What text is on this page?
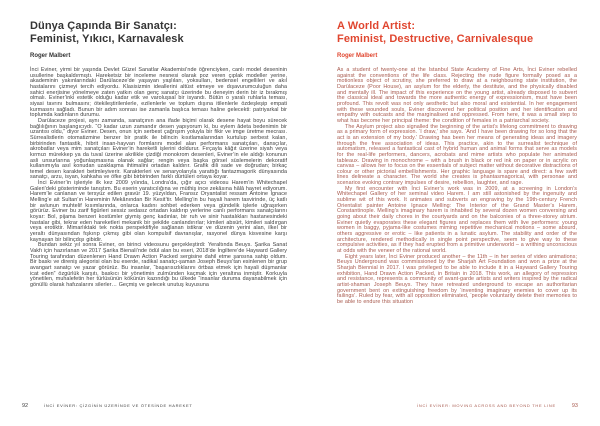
Dünya Çapında Bir Sanatçı:
Feminist, Yıkıcı, Karnavalesk

Roger Malbert

İnci Eviner, yirmi bir yaşında Devlet Güzel Sanatlar Akademisi’nde öğrenciyken, canlı model deseninin usullerine başkaldırmıştı. Hareketsiz bir inceleme nesnesi olarak poz veren çıplak modeller yerine, akademinin yakınlarındaki Darülaceze’de yaşayan yaşlıları, yoksulları, bedensel engellileri ve akıl hastalarını çizmeyi tercih ediyordu. Klasisizmin ideallerini altüst etmeye ve dışavurumculuğun daha sahici enerjisine yönelmeye zaten yatkın olan genç sanatçı üzerinde bu deneyim derin bir iz bırakmış olmalı. Eviner’inki estetik olduğu kadar etik ve varoluşsal bir isyandı. Bütün o yaralı ruhlarla teması, siyasi tavrını bulmasını; ötekileştirilenlerle, ezilenlerle ve toplum dışına itilenlerle özdeşleşip empati kurmasını sağladı. Bunun bir adım sonrası ise zamanla başlıca teması haline gelecekti: patriyarkal bir toplumda kadınların durumu.

Darülaceze projesi, aynı zamanda, sanatçının ana ifade biçimi olarak desene hayat boyu sürecek bağlılığının başlangıcıydı. “O kadar uzun zamandır desen yapıyorum ki, bu eylem âdeta bedenimin bir uzantısı oldu,” diyor Eviner. Desen, onun için serbest çağrışım yoluyla bir fikir ve imge üretme mecrası. Sürrealistlerin otomatizmine benzer bir pratik ile bilincin kısıtlamalarından kurtulup serbest kalan, birbirinden fantastik, hibrit insan-hayvan formlarını model alan performans sanatçıları, dansçılar, akrobatlar veya mim sanatçıları Eviner’in hareketli işlerini doldurur. Fırçayla kâğıt üzerine siyah veya kırmızı mürekkep ya da tuval üzerine akrilikle çizdiği monokrom desenleri, Eviner’in ele aldığı konunun asli unsurlarına yoğunlaşmasına olanak sağlar; rengin veya başka görsel süslemelerin dekoratif kullanımıyla asıl konudan uzaklaşma ihtimalini ortadan kaldırır. Grafik dili sade ve doğrudan; birkaç temel desen karakteri betimleyiverir. Karakterleri ve senaryolarıyla yarattığı fantazmagorik dünyasında sanatçı, arzu, isyan, kahkaha ve öfke gibi birbirinden farklı dürtüleri ortaya koyar.

İnci Eviner’in işleriyle ilk kez 2009 yılında, Londra’da, çığır açıcı videosu Harem’in Whitechapel Galeri’deki gösteriminde tanıştım. Bu eserin yaratıcılığına ve müthiş ince zekâsına hâlâ hayret ediyorum. Harem’le canlanan ve tersyüz edilen gravür 19. yüzyıldan, Fransız Oryantalist ressam Antoine Ignace Melling’e ait Sultan’ın Hareminin Mekânından Bir Kesit’tir. Melling’in bu hayali harem tasvirinde, üç katlı bir avlunun muhtelif kısımlarında, onlarca kadını sohbet ederken veya gündelik işlerle uğraşırken görürüz. Eviner bu zarif figürleri sessiz sedasız ortadan kaldırıp yerlerine canlı performans sanatçılarını koyar: Bol, pijama benzeri kostümler giymiş genç kadınlar, bir ruh ve sinir hastalıkları hastanesindeki hastalar gibi, tekrar eden hareketleri mekanik bir şekilde canlandırırlar; kimileri absürt, kimileri saldırgan veya erotiktir. Mimarlıktaki tek nokta perspektifiyle sağlanan istikrar ve düzenin yerini alan, ilkel bir yeraltı dünyasından fışkırıp çıkmış gibi olan kompulsif davranışlar, rasyonel dünya kisvesine karşı kaynayan bir bilinçdışı gibidir.

Bundan sekiz yıl sonra Eviner, on birinci videosunu gerçekleştirdi: Yeraltında Beuys. Şarika Sanat Vakfı için hazırlanan ve 2017 Şarika Bienali’nde ödül alan bu eseri, 2018’de İngiltere’de Hayward Gallery Touring tarafından düzenlenen Hand Drawn Action Packed sergisine dahil etme şansına sahip oldum. Bir baskı ve direniş alegorisi olan bu eserde, radikal sanatçı-şaman Joseph Beuys’tan esinlenen bir grup avangart sanatçı ve yazar görürüz. Bu insanlar, “başarısızlıklarını örtbas etmek için hayali düşmanlar icat eden” özgürlük karşıtı, baskıcı bir yönetimin zulmünden kaçmak için yeraltına inmiştir. Korkuyla yönetilen, muhalefetin her türlüsünün kökünün kazındığı bu ülkede “insanlar duruma dayanabilmek için gönüllü olarak hafızalarını silerler… Geçmiş ve gelecek unutuş kuyusuna

A World Artist:
Feminist, Destructive, Carnivalesque

Roger Malbert

As a student of twenty-one at the Istanbul State Academy of Fine Arts, İnci Eviner rebelled against the conventions of the life class. Rejecting the nude figure formally posed as a motionless object of scrutiny, she preferred to draw at a neighbouring state institution, the Darülaceze (Poor House), an asylum for the elderly, the destitute, and the physically disabled and mentally ill. The impact of this experience on the young artist, already disposed to subvert the classical ideal and towards the more authentic energy of expressionism, must have been profound. This revolt was not only aesthetic but also moral and existential. In her engagement with these wounded souls, Eviner discovered her political position and her identification and empathy with outcasts and the marginalised and oppressed. From here, it was a small step to what has become her principal theme: the condition of females in a patriarchal society.

The Asylum project also signalled the beginning of the artist’s lifelong commitment to drawing as a primary form of expression. ‘I draw,’ she says. ‘And I have been drawing for so long that the act is an extension of my body.’ Drawing has been her means of generating ideas and imagery through the free association of ideas. This practice, akin to the surrealist technique of automatism, released a fantastical cast of hybrid human and animal forms that serve as models for the real-life performers, dancers, acrobats and mime artists who populate her animated tableaux. Drawing in monochrome – with a brush in black or red ink on paper or in acrylic on canvas – allows her to focus on the essentials of subject matter without decorative distractions of colour or other pictorial embellishments. Her graphic language is spare and direct: a few swift lines delineate a character. The world she creates is phantasmagorical, with personae and scenarios evoking contrary impulses of desire, rebellion, laughter, and rage.

My first encounter with İnci Eviner’s work was in 2009, at a screening in London’s Whitechapel Gallery of her seminal video Harem. I am still astonished by the ingenuity and sublime wit of this work. It animates and subverts an engraving by the 19th-century French Orientalist painter Antoine Ignace Melling: The Interior of the Grand Master’s Harem, Constantinople. Melling’s imaginary harem is inhabited by several dozen women conversing and going about their daily chores in the courtyards and on the balconies of a three-storey atrium. Eviner quietly evaporates these elegant figures and replaces them with live performers: young women in baggy, pyjama-like costumes miming repetitive mechanical motions – some absurd, others aggressive or erotic – like patients in a lunatic asylum. The stability and order of the architecture, rendered methodically in single point perspective, seem to give way to these compulsive activities, as if they had erupted from a primitive underworld – a writhing unconscious at odds with the veneer of the rational world.

Eight years later, İnci Eviner produced another – the 11th – in her series of video animations; Beuys Underground was commissioned by the Sharjah Art Foundation and won a prize at the Sharjah Biennial in 2017. I was privileged to be able to include it in a Hayward Gallery Touring exhibition, Hand Drawn Action Packed, in Britain in 2018. This work, an allegory of repression and resistance, represents a community of avant-garde artists and writers inspired by the radical artist-shaman Joseph Beuys. They have retreated underground to escape an authoritarian government bent on extinguishing freedom by ‘inventing imaginary enemies to cover up its failings’. Ruled by fear, with all opposition eliminated, ‘people voluntarily delete their memories to be able to endure this situation

92	İNCİ EVİNER: ÇİZGİNİN ÜZERİNDE VE ÖTESİNDE HAREKET	İNCİ EVİNER: MOVING ACROSS AND BEYOND THE LINE	93
